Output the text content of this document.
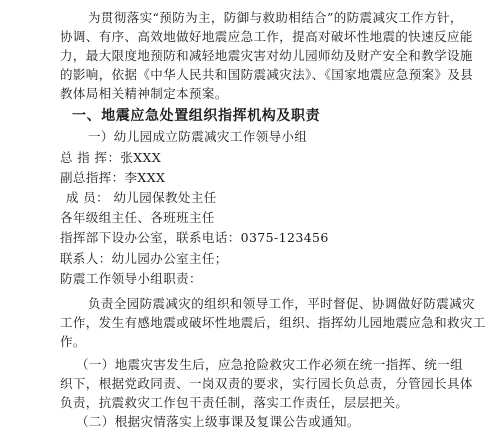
为贯彻落实“预防为主，防御与救助相结合”的防震减灾工作方针，
协调、有序、高效地做好地震应急工作，提高对破坏性地震的快速反应能
力，最大限度地预防和减轻地震灾害对幼儿园师幼及财产安全和教学设施
的影响，依据《中华人民共和国防震减灾法》、《国家地震应急预案》及县
教体局相关精神制定本预案。
一、地震应急处置组织指挥机构及职责
一）幼儿园成立防震减灾工作领导小组
总 指 挥：张XXX
副总指挥：李XXX
成 员： 幼儿园保教处主任
各年级组主任、各班班主任
指挥部下设办公室，联系电话：0375-123456
联系人：幼儿园办公室主任；
防震工作领导小组职责：
负责全园防震减灾的组织和领导工作，平时督促、协调做好防震减灾
工作，发生有感地震或破坏性地震后，组织、指挥幼儿园地震应急和救灾工
作。
（一）地震灾害发生后，应急抢险救灾工作必须在统一指挥、统一组
织下，根据党政同责、一岗双责的要求，实行园长负总责，分管园长具体
负责，抗震救灾工作包干责任制，落实工作责任，层层把关。
（二）根据灾情落实上级事课及复课公告或通知。
